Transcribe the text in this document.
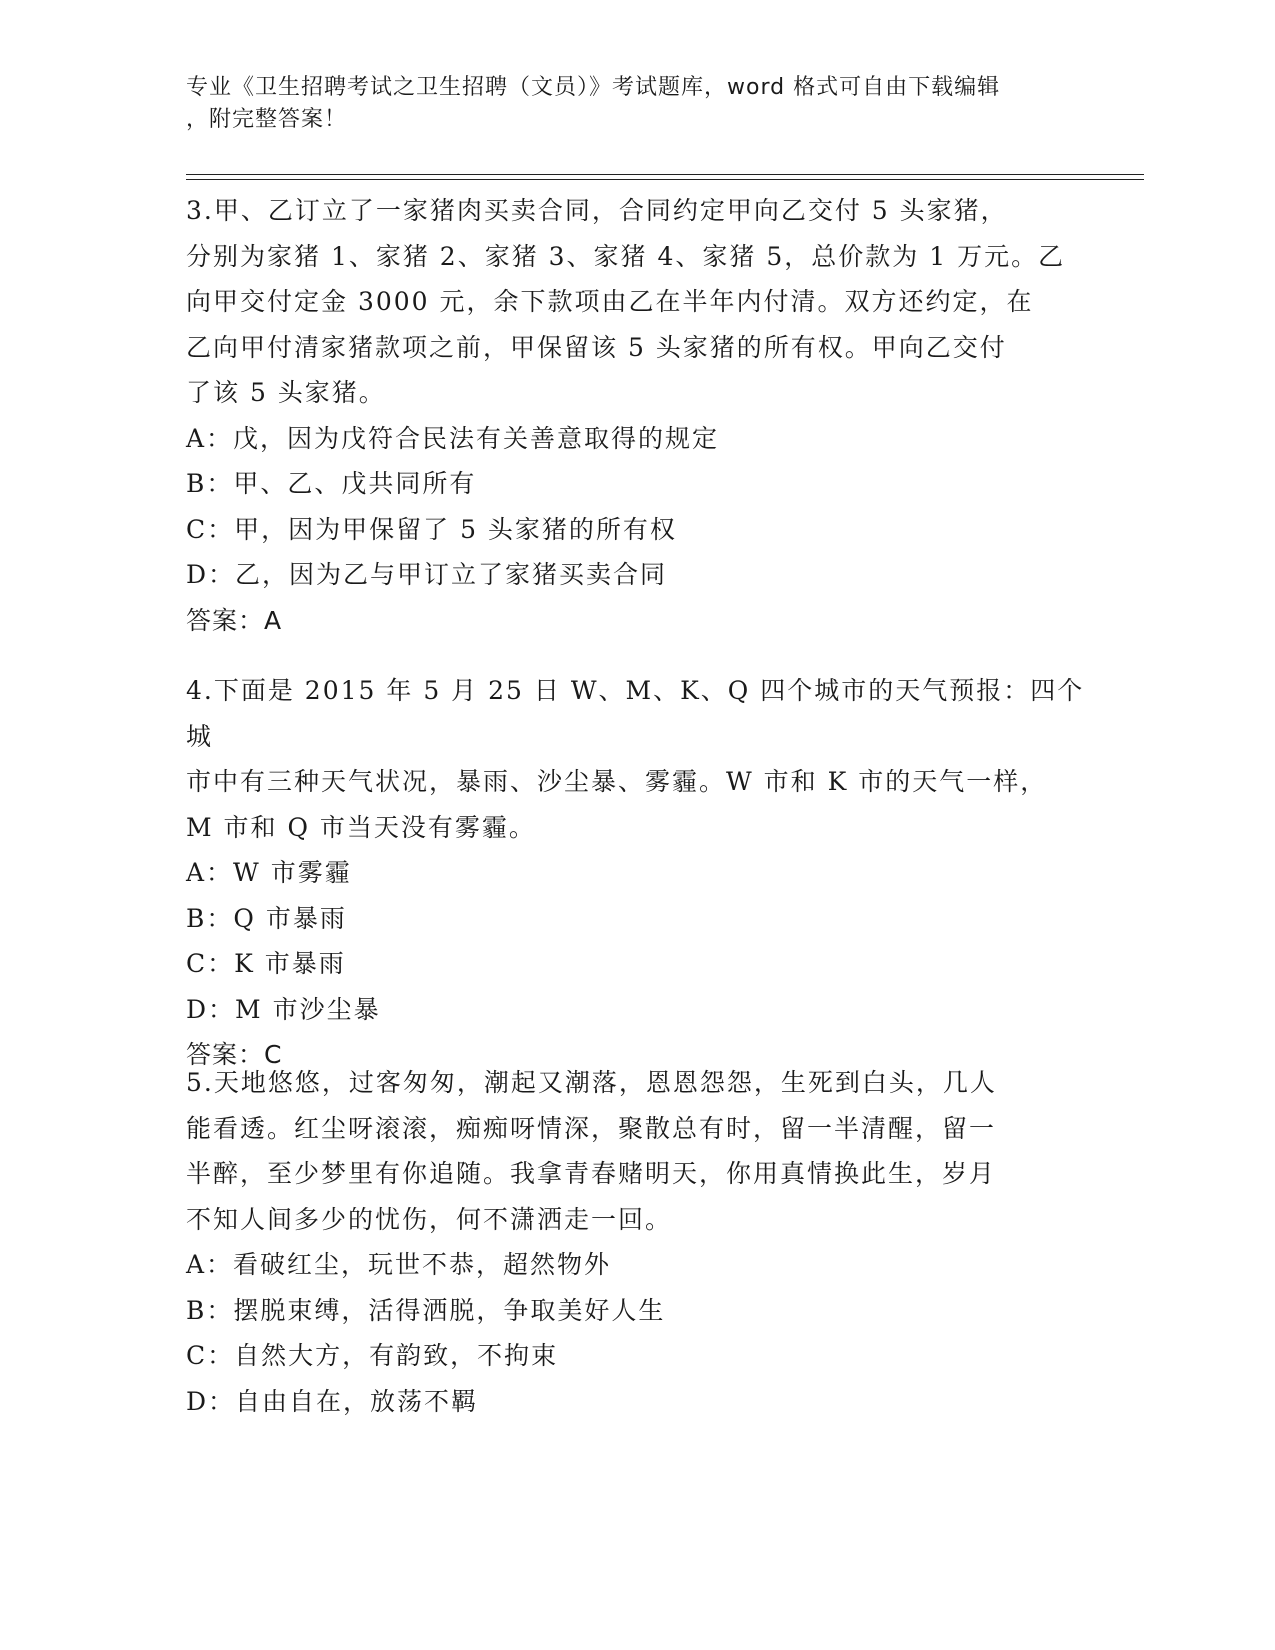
专业《卫生招聘考试之卫生招聘（文员）》考试题库，word 格式可自由下载编辑
，附完整答案！

3.甲、乙订立了一家猪肉买卖合同，合同约定甲向乙交付 5 头家猪，

分别为家猪 1、家猪 2、家猪 3、家猪 4、家猪 5，总价款为 1 万元。乙

向甲交付定金 3000 元，余下款项由乙在半年内付清。双方还约定，在

乙向甲付清家猪款项之前，甲保留该 5 头家猪的所有权。甲向乙交付

了该 5 头家猪。

A：戊，因为戊符合民法有关善意取得的规定

B：甲、乙、戊共同所有

C：甲，因为甲保留了 5 头家猪的所有权

D：乙，因为乙与甲订立了家猪买卖合同

答案：A

4.下面是 2015 年 5 月 25 日 W、M、K、Q 四个城市的天气预报：四个城

市中有三种天气状况，暴雨、沙尘暴、雾霾。W 市和 K 市的天气一样，

M 市和 Q 市当天没有雾霾。

A：W 市雾霾

B：Q 市暴雨

C：K 市暴雨

D：M 市沙尘暴

答案：C

5.天地悠悠，过客匆匆，潮起又潮落，恩恩怨怨，生死到白头，几人

能看透。红尘呀滚滚，痴痴呀情深，聚散总有时，留一半清醒，留一

半醉，至少梦里有你追随。我拿青春赌明天，你用真情换此生，岁月

不知人间多少的忧伤，何不潇洒走一回。

A：看破红尘，玩世不恭，超然物外

B：摆脱束缚，活得洒脱，争取美好人生

C：自然大方，有韵致，不拘束

D：自由自在，放荡不羁
